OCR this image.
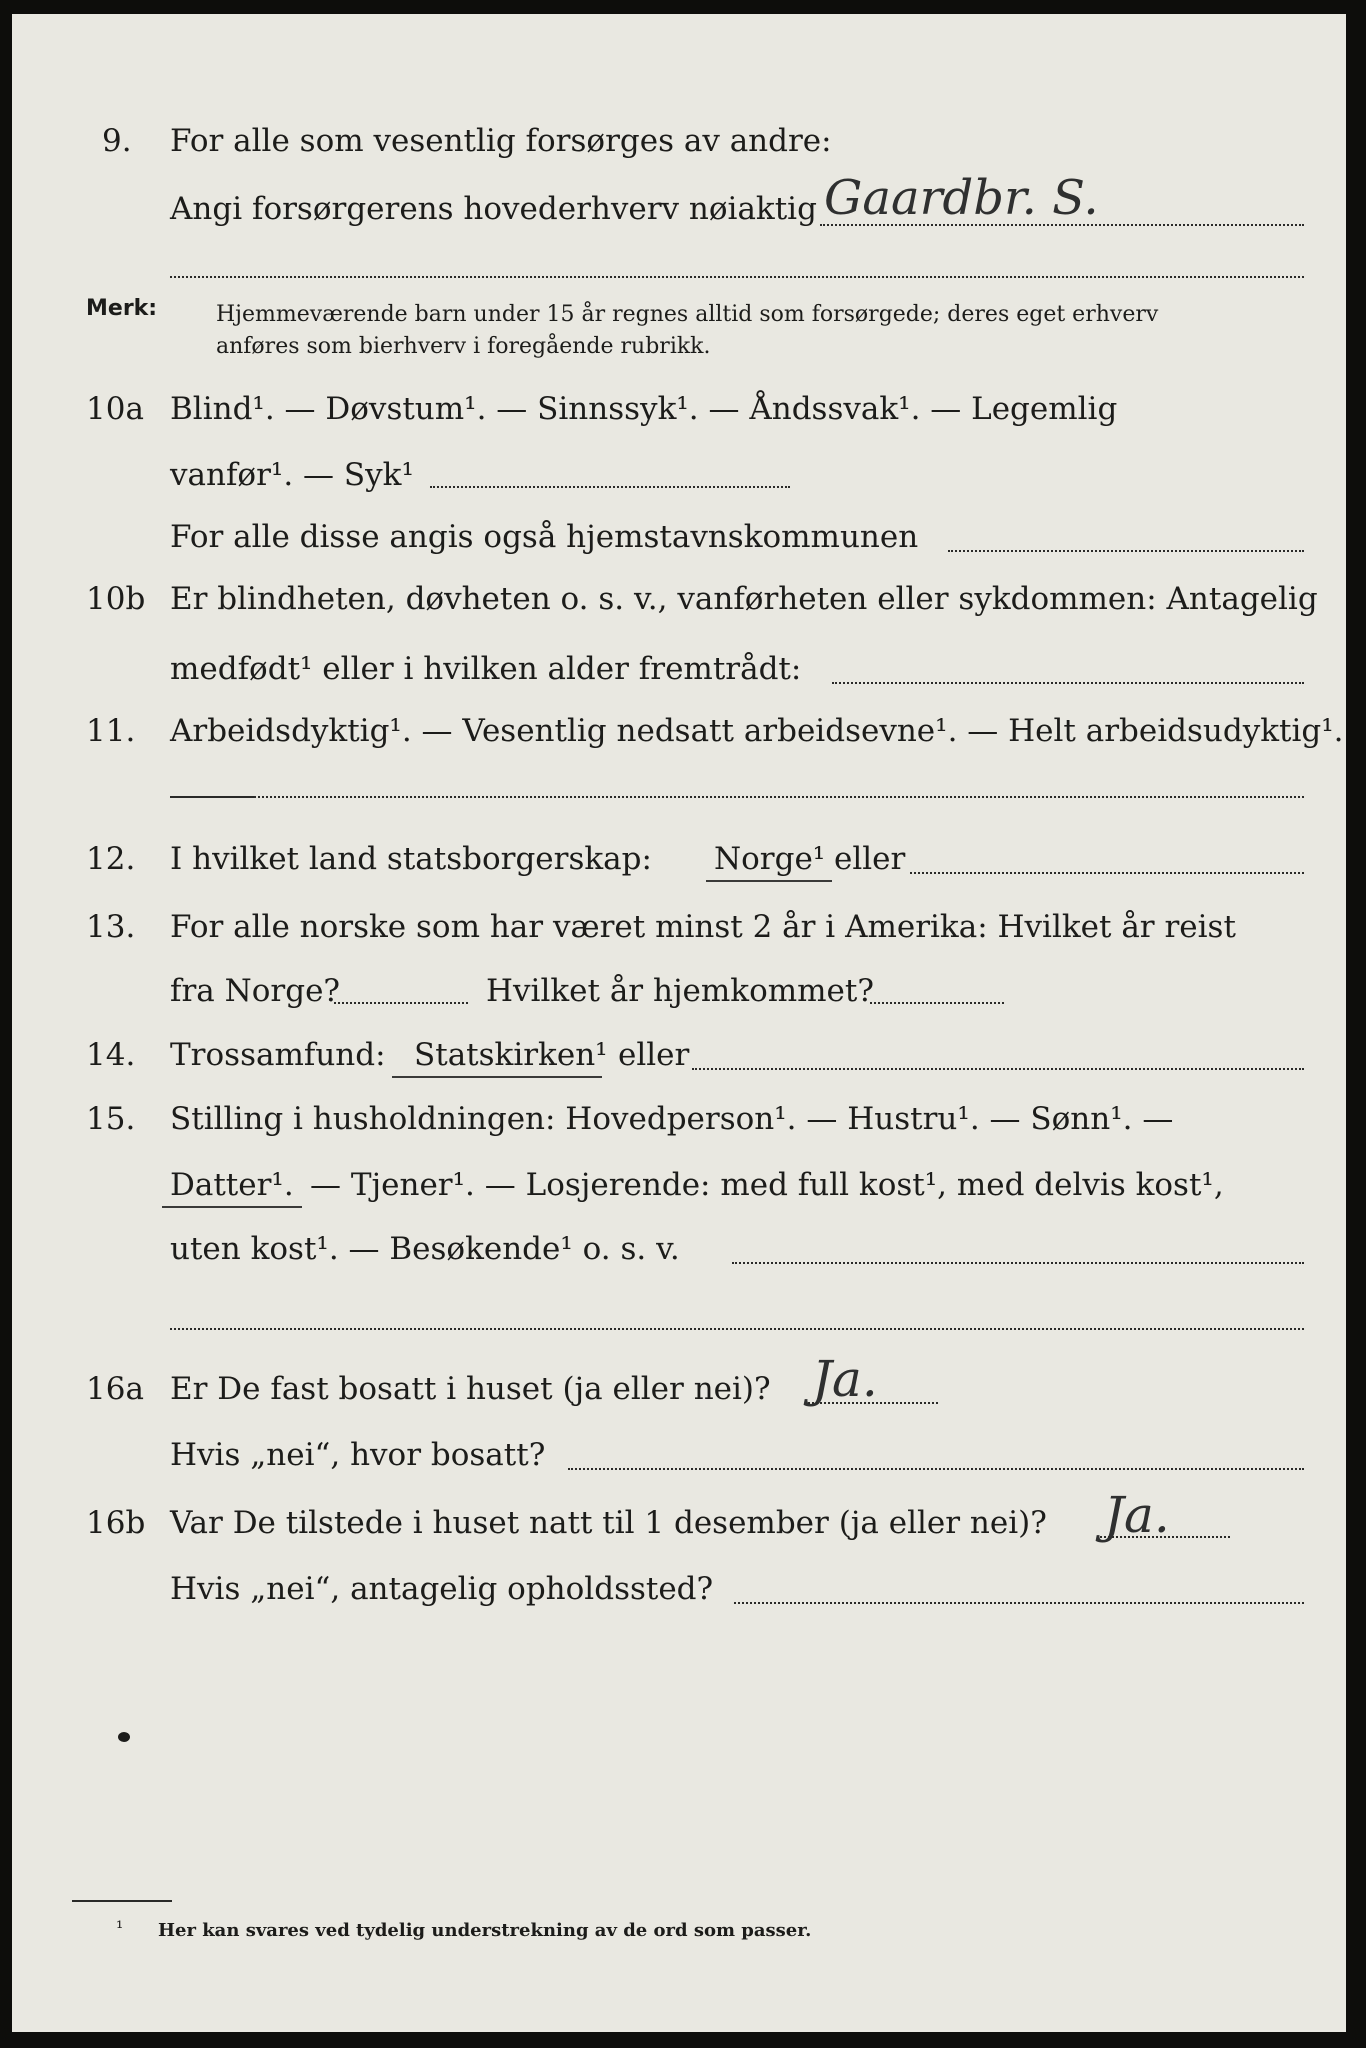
9. For alle som vesentlig forsørges av andre:
Angi forsørgerens hovederhverv nøiaktig Gaardbr. S.
Merk:	Hjemmeværende barn under 15 år regnes alltid som forsørgede; deres eget erhverv
anføres som bierhverv i foregående rubrikk.
10a Blind¹. — Døvstum¹. — Sinnssyk¹. — Åndssvak¹. — Legemlig
vanfør¹. — Syk¹
For alle disse angis også hjemstavnskommunen
10b Er blindheten, døvheten o. s. v., vanførheten eller sykdommen: Antagelig
medfødt¹ eller i hvilken alder fremtrådt:
11. Arbeidsdyktig¹. — Vesentlig nedsatt arbeidsevne¹. — Helt arbeidsudyktig¹.
12. I hvilket land statsborgerskap: Norge¹ eller
13. For alle norske som har været minst 2 år i Amerika: Hvilket år reist
fra Norge?	Hvilket år hjemkommet?
14. Trossamfund: Statskirken¹ eller
15. Stilling i husholdningen: Hovedperson¹. — Hustru¹. — Sønn¹. —
Datter¹. — Tjener¹. — Losjerende: med full kost¹, med delvis kost¹,
uten kost¹. — Besøkende¹ o. s. v.
16a Er De fast bosatt i huset (ja eller nei)? Ja.
Hvis „nei“, hvor bosatt?
16b Var De tilstede i huset natt til 1 desember (ja eller nei)? Ja.
Hvis „nei“, antagelig opholdssted?
¹ Her kan svares ved tydelig understrekning av de ord som passer.
